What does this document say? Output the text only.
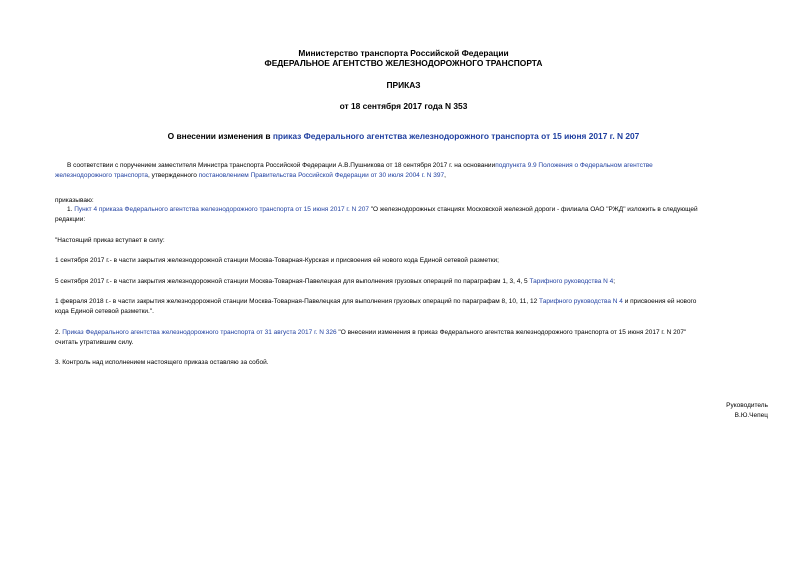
Министерство транспорта Российской Федерации
ФЕДЕРАЛЬНОЕ АГЕНТСТВО ЖЕЛЕЗНОДОРОЖНОГО ТРАНСПОРТА
ПРИКАЗ
от 18 сентября 2017 года N 353
О внесении изменения в приказ Федерального агентства железнодорожного транспорта от 15 июня 2017 г. N 207
В соответствии с поручением заместителя Министра транспорта Российской Федерации А.В.Пушникова от 18 сентября 2017 г. на основанииподпункта 9.9 Положения о Федеральном агентстве
железнодорожного транспорта, утвержденного постановлением Правительства Российской Федерации от 30 июля 2004 г. N 397,
приказываю:
1. Пункт 4 приказа Федерального агентства железнодорожного транспорта от 15 июня 2017 г. N 207 "О железнодорожных станциях Московской железной дороги - филиала ОАО "РЖД" изложить в следующей
редакции:
"Настоящий приказ вступает в силу:
1 сентября 2017 г.- в части закрытия железнодорожной станции Москва-Товарная-Курская и присвоения ей нового кода Единой сетевой разметки;
5 сентября 2017 г.- в части закрытия железнодорожной станции Москва-Товарная-Павелецкая для выполнения грузовых операций по параграфам 1, 3, 4, 5 Тарифного руководства N 4;
1 февраля 2018 г.- в части закрытия железнодорожной станции Москва-Товарная-Павелецкая для выполнения грузовых операций по параграфам 8, 10, 11, 12 Тарифного руководства N 4 и присвоения ей нового
кода Единой сетевой разметки.".
2. Приказ Федерального агентства железнодорожного транспорта от 31 августа 2017 г. N 326 "О внесении изменения в приказ Федерального агентства железнодорожного транспорта от 15 июня 2017 г. N 207"
считать утратившим силу.
3. Контроль над исполнением настоящего приказа оставляю за собой.
Руководитель
В.Ю.Чепец
